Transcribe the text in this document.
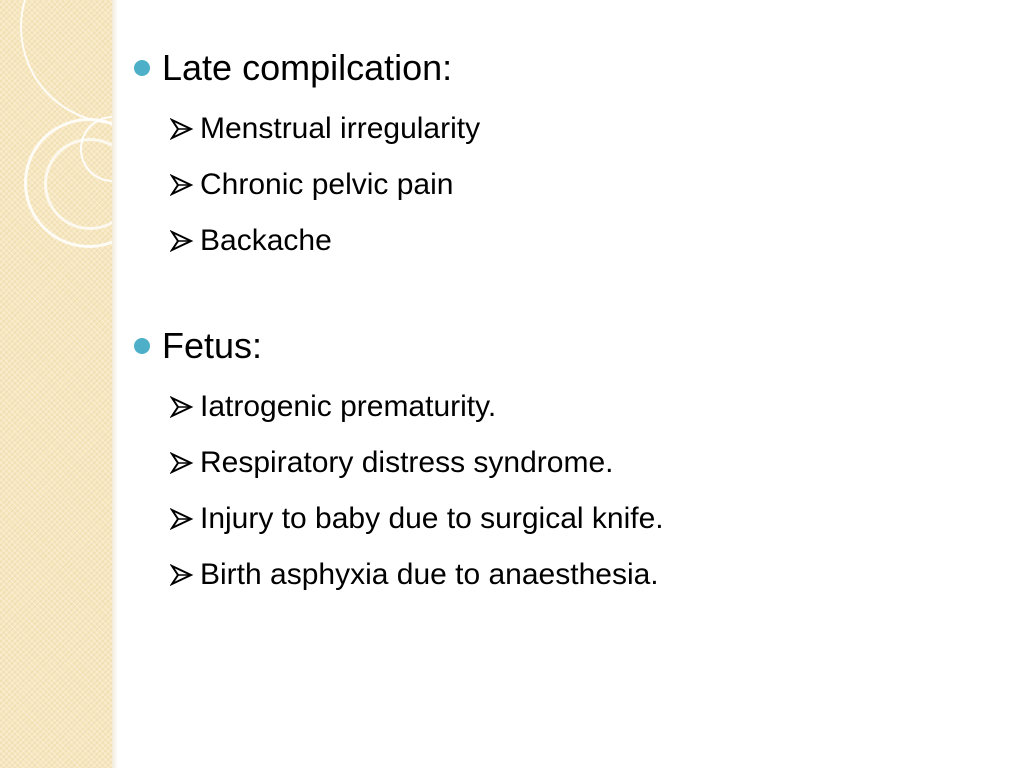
Late compilcation:
Menstrual irregularity
Chronic pelvic pain
Backache
Fetus:
Iatrogenic prematurity.
Respiratory distress syndrome.
Injury to baby due to surgical knife.
Birth asphyxia due to anaesthesia.
